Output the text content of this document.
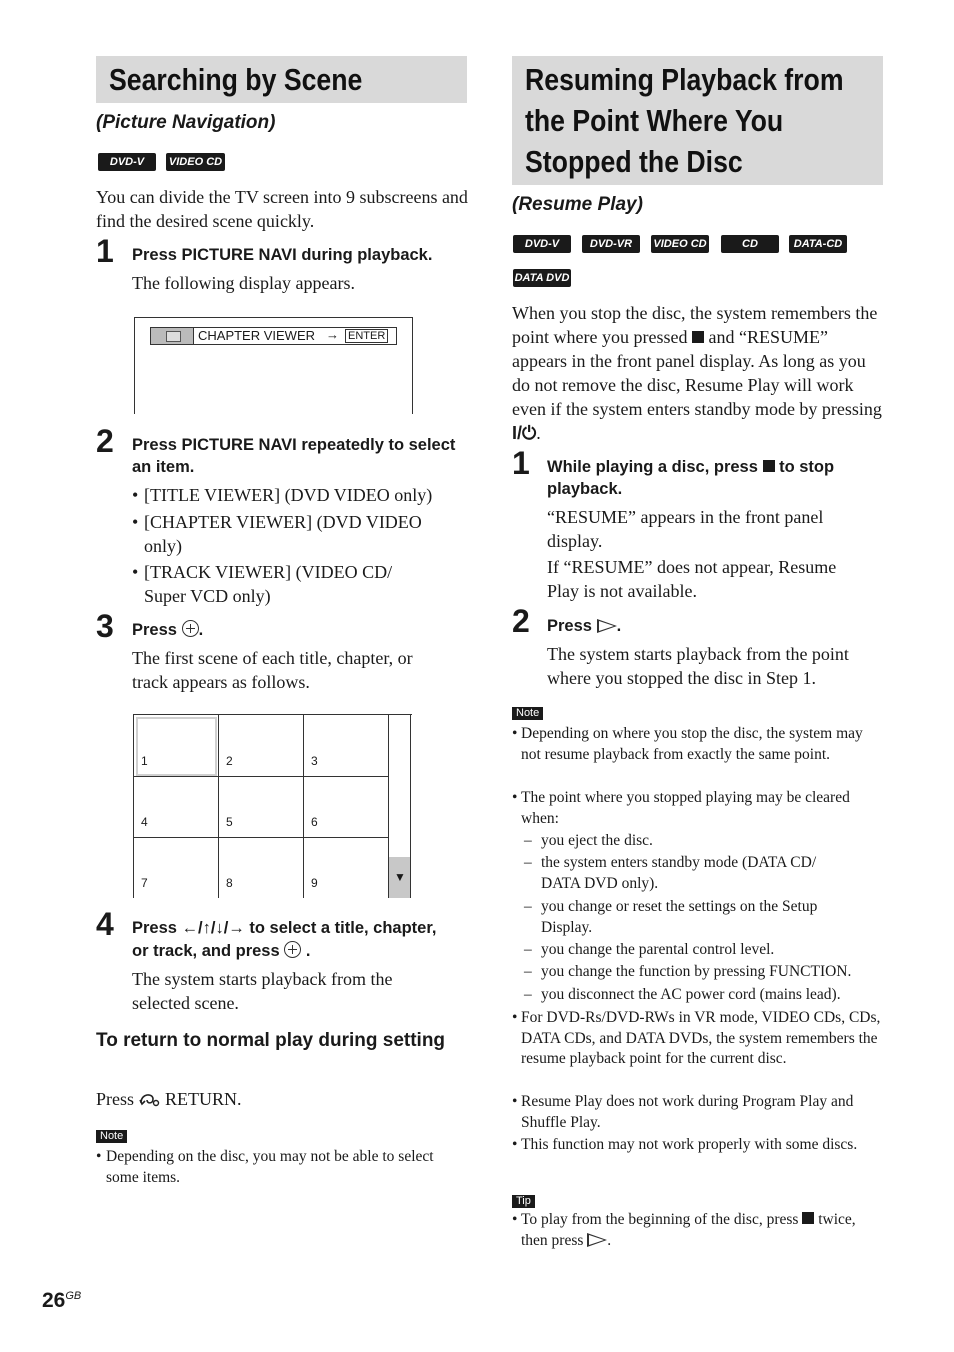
Searching by Scene
(Picture Navigation)
DVD-V	VIDEO CD
You can divide the TV screen into 9 subscreens and find the desired scene quickly.
1 Press PICTURE NAVI during playback.
The following display appears.
CHAPTER VIEWER → ENTER
2 Press PICTURE NAVI repeatedly to select an item.
• [TITLE VIEWER] (DVD VIDEO only)
• [CHAPTER VIEWER] (DVD VIDEO only)
• [TRACK VIEWER] (VIDEO CD/ Super VCD only)
3 Press .
The first scene of each title, chapter, or track appears as follows.
1	2	3
4	5	6
7	8	9	▼
4 Press ←/↑/↓/→ to select a title, chapter,
or track, and press .
The system starts playback from the selected scene.
To return to normal play during setting
Press RETURN.
Note
• Depending on the disc, you may not be able to select some items.
Resuming Playback from
the Point Where You
Stopped the Disc
(Resume Play)
DVD-V	DVD-VR	VIDEO CD	CD	DATA-CD
DATA DVD
When you stop the disc, the system remembers the point where you pressed and “RESUME” appears in the front panel display. As long as you do not remove the disc, Resume Play will work even if the system enters standby mode by pressing I/⏻.
1 While playing a disc, press to stop playback.
“RESUME” appears in the front panel display.
If “RESUME” does not appear, Resume Play is not available.
2 Press .
The system starts playback from the point where you stopped the disc in Step 1.
Note
• Depending on where you stop the disc, the system may not resume playback from exactly the same point.
• The point where you stopped playing may be cleared when:
– you eject the disc.
– the system enters standby mode (DATA CD/ DATA DVD only).
– you change or reset the settings on the Setup Display.
– you change the parental control level.
– you change the function by pressing FUNCTION.
– you disconnect the AC power cord (mains lead).
• For DVD-Rs/DVD-RWs in VR mode, VIDEO CDs, CDs, DATA CDs, and DATA DVDs, the system remembers the resume playback point for the current disc.
• Resume Play does not work during Program Play and Shuffle Play.
• This function may not work properly with some discs.
Tip
• To play from the beginning of the disc, press twice, then press .
$26^{GB}$
